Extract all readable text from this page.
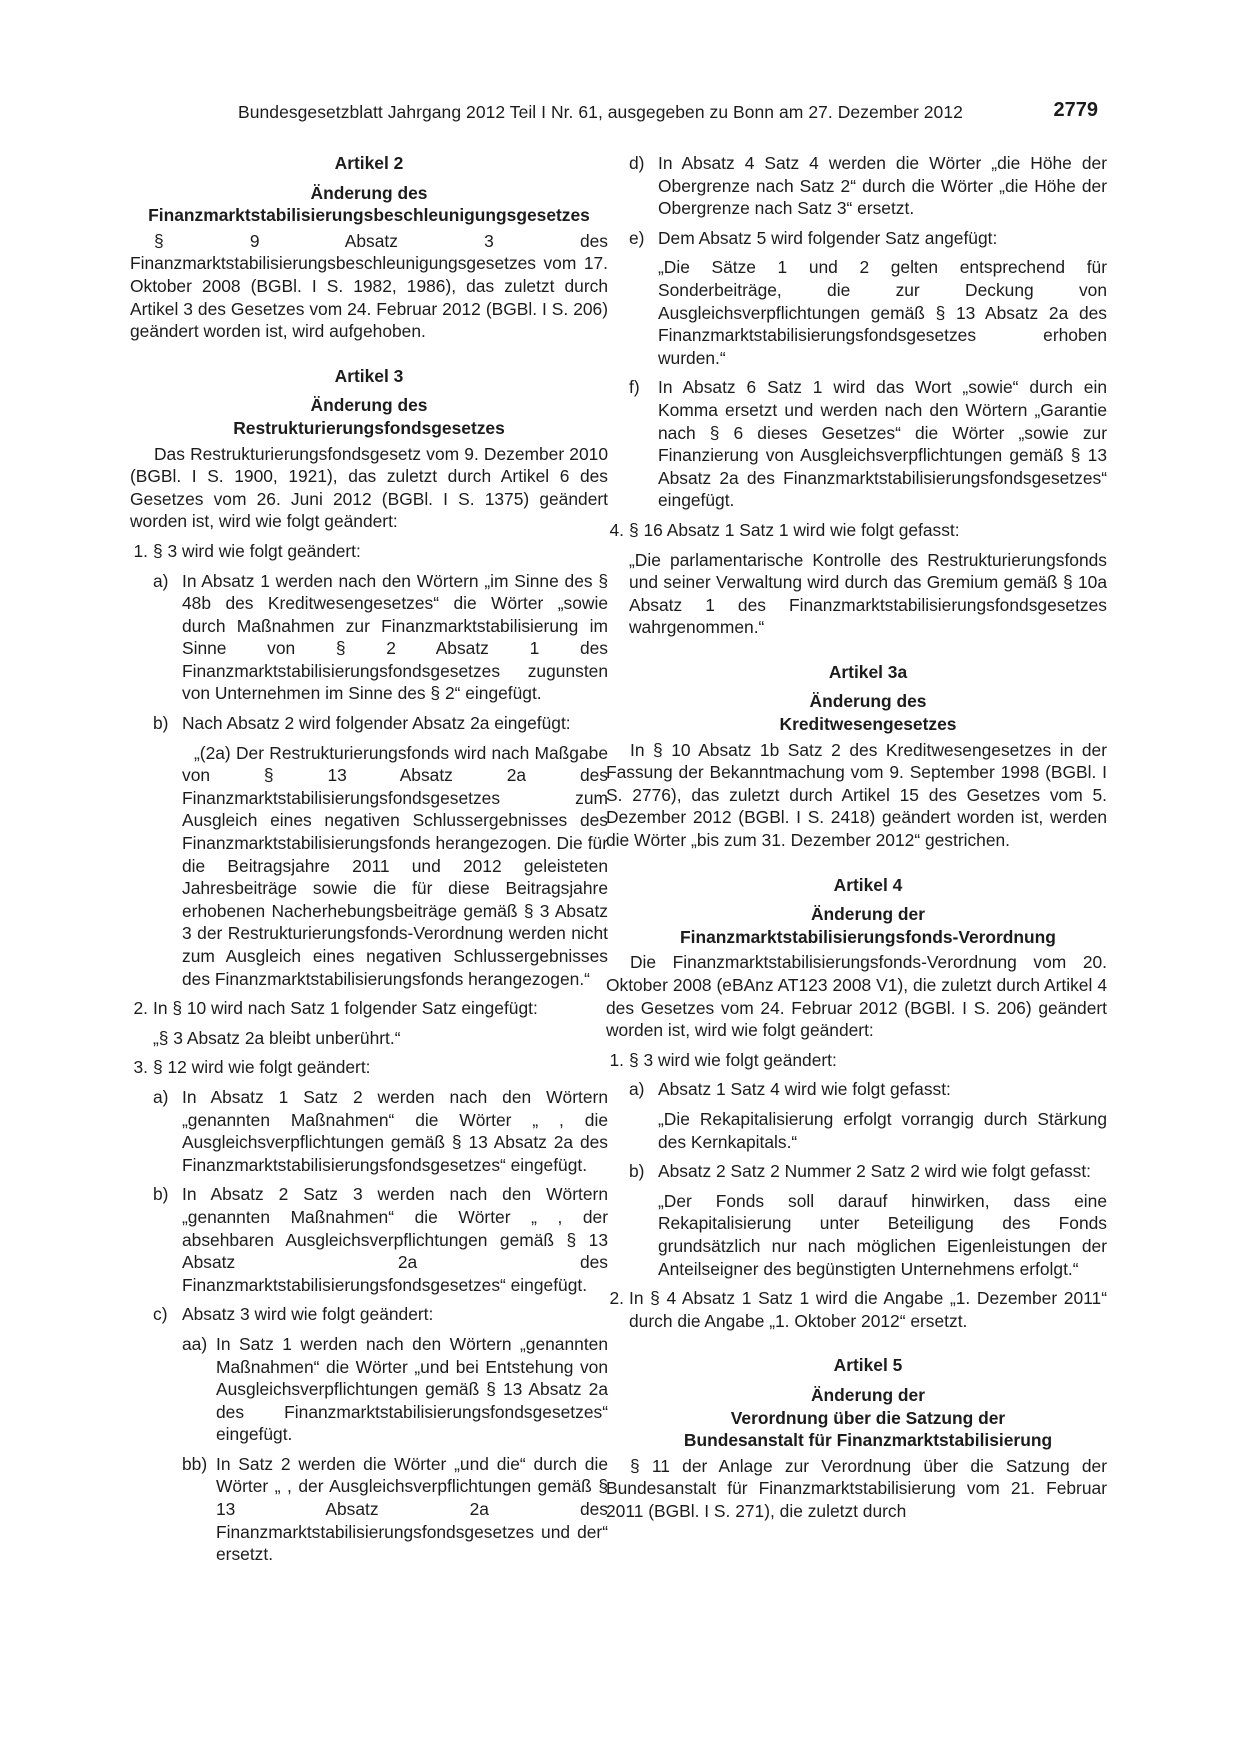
Bundesgesetzblatt Jahrgang 2012 Teil I Nr. 61, ausgegeben zu Bonn am 27. Dezember 2012	2779
Artikel 2
Änderung des
Finanzmarktstabilisierungsbeschleunigungsgesetzes

§ 9 Absatz 3 des Finanzmarktstabilisierungsbeschleunigungsgesetzes vom 17. Oktober 2008 (BGBl. I S. 1982, 1986), das zuletzt durch Artikel 3 des Gesetzes vom 24. Februar 2012 (BGBl. I S. 206) geändert worden ist, wird aufgehoben.

Artikel 3
Änderung des
Restrukturierungsfondsgesetzes

Das Restrukturierungsfondsgesetz vom 9. Dezember 2010 (BGBl. I S. 1900, 1921), das zuletzt durch Artikel 6 des Gesetzes vom 26. Juni 2012 (BGBl. I S. 1375) geändert worden ist, wird wie folgt geändert:

1. § 3 wird wie folgt geändert:
a) In Absatz 1 werden nach den Wörtern „im Sinne des § 48b des Kreditwesengesetzes“ die Wörter „sowie durch Maßnahmen zur Finanzmarktstabilisierung im Sinne von § 2 Absatz 1 des Finanzmarktstabilisierungsfondsgesetzes zugunsten von Unternehmen im Sinne des § 2“ eingefügt.
b) Nach Absatz 2 wird folgender Absatz 2a eingefügt:
„(2a) Der Restrukturierungsfonds wird nach Maßgabe von § 13 Absatz 2a des Finanzmarktstabilisierungsfondsgesetzes zum Ausgleich eines negativen Schlussergebnisses des Finanzmarktstabilisierungsfonds herangezogen. Die für die Beitragsjahre 2011 und 2012 geleisteten Jahresbeiträge sowie die für diese Beitragsjahre erhobenen Nacherhebungsbeiträge gemäß § 3 Absatz 3 der Restrukturierungsfonds-Verordnung werden nicht zum Ausgleich eines negativen Schlussergebnisses des Finanzmarktstabilisierungsfonds herangezogen.“
2. In § 10 wird nach Satz 1 folgender Satz eingefügt:
„§ 3 Absatz 2a bleibt unberührt.“
3. § 12 wird wie folgt geändert:
a) In Absatz 1 Satz 2 werden nach den Wörtern „genannten Maßnahmen“ die Wörter „ , die Ausgleichsverpflichtungen gemäß § 13 Absatz 2a des Finanzmarktstabilisierungsfondsgesetzes“ eingefügt.
b) In Absatz 2 Satz 3 werden nach den Wörtern „genannten Maßnahmen“ die Wörter „ , der absehbaren Ausgleichsverpflichtungen gemäß § 13 Absatz 2a des Finanzmarktstabilisierungsfondsgesetzes“ eingefügt.
c) Absatz 3 wird wie folgt geändert:
aa) In Satz 1 werden nach den Wörtern „genannten Maßnahmen“ die Wörter „und bei Entstehung von Ausgleichsverpflichtungen gemäß § 13 Absatz 2a des Finanzmarktstabilisierungsfondsgesetzes“ eingefügt.
bb) In Satz 2 werden die Wörter „und die“ durch die Wörter „ , der Ausgleichsverpflichtungen gemäß § 13 Absatz 2a des Finanzmarktstabilisierungsfondsgesetzes und der“ ersetzt.
d) In Absatz 4 Satz 4 werden die Wörter „die Höhe der Obergrenze nach Satz 2“ durch die Wörter „die Höhe der Obergrenze nach Satz 3“ ersetzt.
e) Dem Absatz 5 wird folgender Satz angefügt:
„Die Sätze 1 und 2 gelten entsprechend für Sonderbeiträge, die zur Deckung von Ausgleichsverpflichtungen gemäß § 13 Absatz 2a des Finanzmarktstabilisierungsfondsgesetzes erhoben wurden.“
f)	In Absatz 6 Satz 1 wird das Wort „sowie“ durch ein Komma ersetzt und werden nach den Wörtern „Garantie nach § 6 dieses Gesetzes“ die Wörter „sowie zur Finanzierung von Ausgleichsverpflichtungen gemäß § 13 Absatz 2a des Finanzmarktstabilisierungsfondsgesetzes“ eingefügt.
4. § 16 Absatz 1 Satz 1 wird wie folgt gefasst:
„Die parlamentarische Kontrolle des Restrukturierungsfonds und seiner Verwaltung wird durch das Gremium gemäß § 10a Absatz 1 des Finanzmarktstabilisierungsfondsgesetzes wahrgenommen.“
Artikel 3a
Änderung des
Kreditwesengesetzes

In § 10 Absatz 1b Satz 2 des Kreditwesengesetzes in der Fassung der Bekanntmachung vom 9. September 1998 (BGBl. I S. 2776), das zuletzt durch Artikel 15 des Gesetzes vom 5. Dezember 2012 (BGBl. I S. 2418) geändert worden ist, werden die Wörter „bis zum 31. Dezember 2012“ gestrichen.

Artikel 4
Änderung der
Finanzmarktstabilisierungsfonds-Verordnung

Die Finanzmarktstabilisierungsfonds-Verordnung vom 20. Oktober 2008 (eBAnz AT123 2008 V1), die zuletzt durch Artikel 4 des Gesetzes vom 24. Februar 2012 (BGBl. I S. 206) geändert worden ist, wird wie folgt geändert:

1. § 3 wird wie folgt geändert:
a) Absatz 1 Satz 4 wird wie folgt gefasst:
„Die Rekapitalisierung erfolgt vorrangig durch Stärkung des Kernkapitals.“
b) Absatz 2 Satz 2 Nummer 2 Satz 2 wird wie folgt gefasst:
„Der Fonds soll darauf hinwirken, dass eine Rekapitalisierung unter Beteiligung des Fonds grundsätzlich nur nach möglichen Eigenleistungen der Anteilseigner des begünstigten Unternehmens erfolgt.“
2. In § 4 Absatz 1 Satz 1 wird die Angabe „1. Dezember 2011“ durch die Angabe „1. Oktober 2012“ ersetzt.
Artikel 5
Änderung der
Verordnung über die Satzung der
Bundesanstalt für Finanzmarktstabilisierung

§ 11 der Anlage zur Verordnung über die Satzung der Bundesanstalt für Finanzmarktstabilisierung vom 21. Februar 2011 (BGBl. I S. 271), die zuletzt durch
